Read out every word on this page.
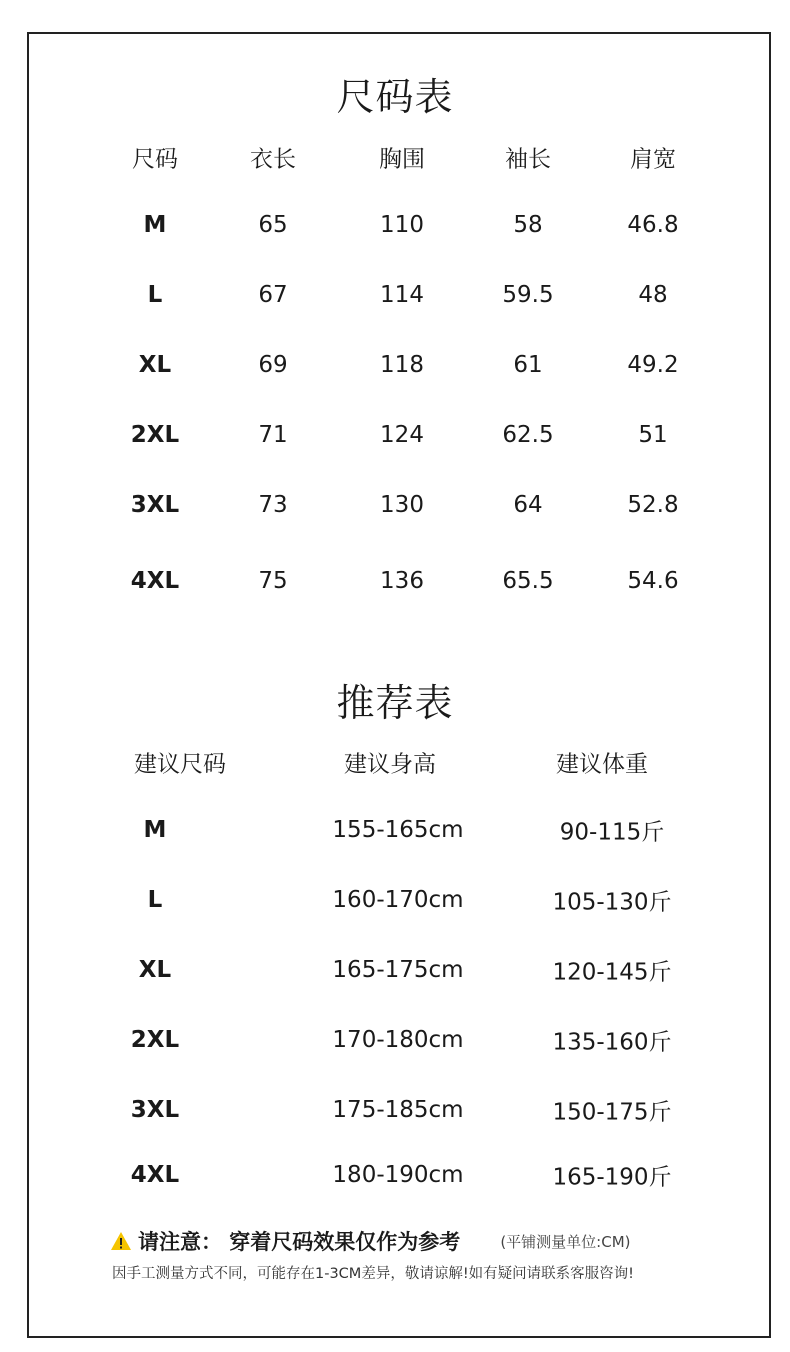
尺码表
尺码	衣长	胸围	袖长	肩宽
M	65	110	58	46.8
L	67	114	59.5	48
XL	69	118	61	49.2
2XL	71	124	62.5	51
3XL	73	130	64	52.8
4XL	75	136	65.5	54.6
推荐表
建议尺码	建议身高	建议体重
M	155-165cm	90-115斤
L	160-170cm	105-130斤
XL	165-175cm	120-145斤
2XL	170-180cm	135-160斤
3XL	175-185cm	150-175斤
4XL	180-190cm	165-190斤
请注意： 穿着尺码效果仅作为参考	(平铺测量单位:CM)
因手工测量方式不同，可能存在1-3CM差异，敬请谅解!如有疑问请联系客服咨询!
